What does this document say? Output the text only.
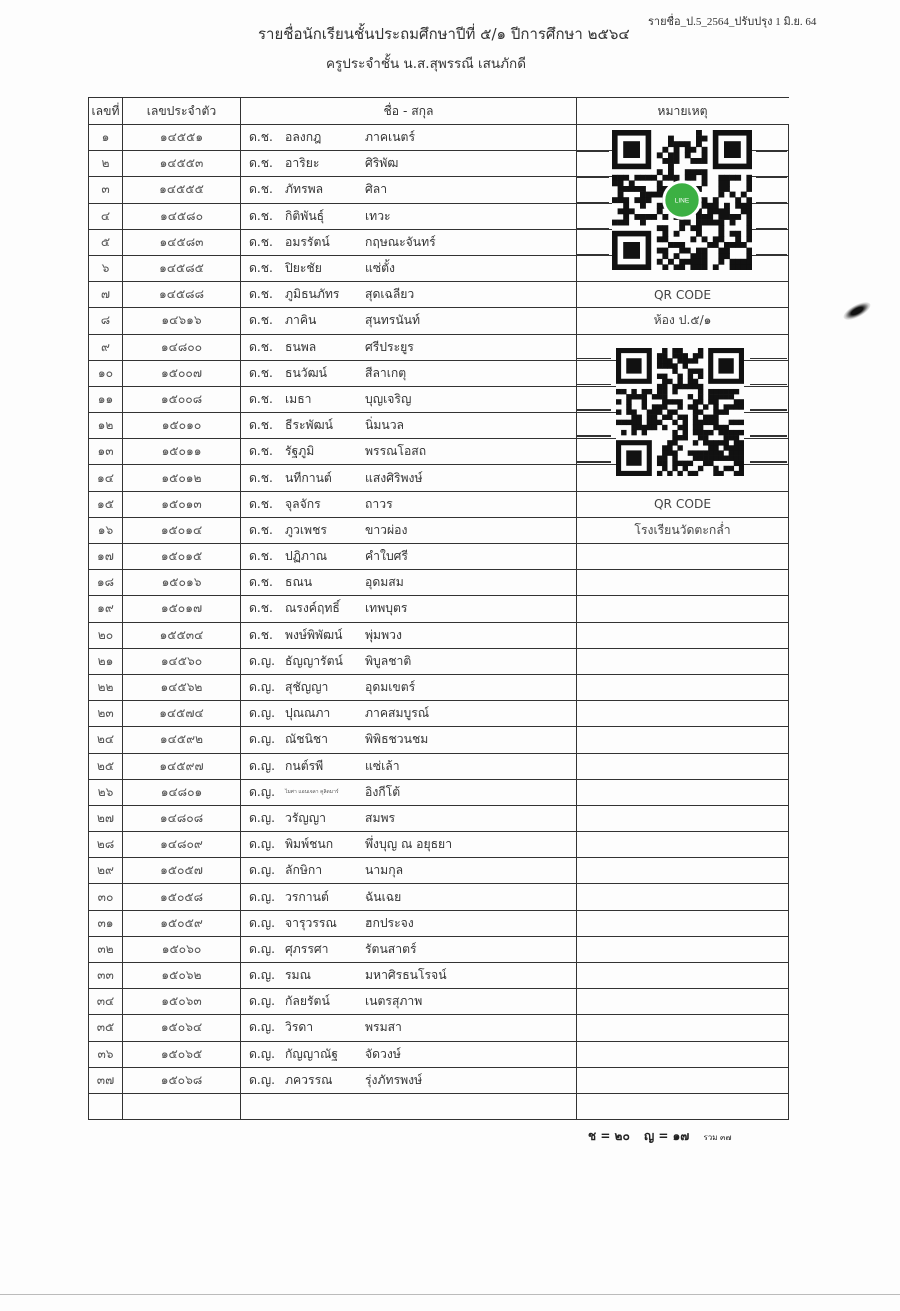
รายชื่อ_ป.5_2564_ปรับปรุง 1 มิ.ย. 64
รายชื่อนักเรียนชั้นประถมศึกษาปีที่ ๕/๑ ปีการศึกษา ๒๕๖๔
ครูประจำชั้น น.ส.สุพรรณี เสนภักดี
เลขที่	เลขประจำตัว	ชื่อ - สกุล	หมายเหตุ
๑	๑๔๕๕๑	ด.ช. อลงกฎ ภาคเนตร์	
๒	๑๔๕๕๓	ด.ช. อาริยะ ศิริพัฒ	
๓	๑๔๕๕๕	ด.ช. ภัทรพล ศิลา	
๔	๑๔๕๘๐	ด.ช. กิติพันธุ์ เทวะ	
๕	๑๔๕๘๓	ด.ช. อมรรัตน์ กฤษณะจันทร์	
๖	๑๔๕๘๕	ด.ช. ปิยะชัย แซ่ตั้ง	
๗	๑๔๕๘๘	ด.ช. ภูมิธนภัทร สุดเฉลียว	QR CODE
๘	๑๔๖๑๖	ด.ช. ภาคิน สุนทรนันท์	ห้อง ป.๕/๑
๙	๑๔๘๐๐	ด.ช. ธนพล ศรีประยูร	
๑๐	๑๕๐๐๗	ด.ช. ธนวัฒน์ สีลาเกตุ	
๑๑	๑๕๐๐๘	ด.ช. เมธา บุญเจริญ	
๑๒	๑๕๐๑๐	ด.ช. ธีระพัฒน์ นิ่มนวล	
๑๓	๑๕๐๑๑	ด.ช. รัฐภูมิ พรรณโอสถ	
๑๔	๑๕๐๑๒	ด.ช. นทีกานต์ แสงศิริพงษ์	
๑๕	๑๕๐๑๓	ด.ช. จุลจักร ถาวร	QR CODE
๑๖	๑๕๐๑๔	ด.ช. ภูวเพชร ขาวผ่อง	โรงเรียนวัดตะกล่ำ
๑๗	๑๕๐๑๕	ด.ช. ปฏิภาณ คำใบศรี	
๑๘	๑๕๐๑๖	ด.ช. ธณน อุดมสม	
๑๙	๑๕๐๑๗	ด.ช. ณรงค์ฤทธิ์ เทพบุตร	
๒๐	๑๕๕๓๔	ด.ช. พงษ์พิพัฒน์ พุ่มพวง	
๒๑	๑๔๕๖๐	ด.ญ. ธัญญารัตน์ พิบูลชาติ	
๒๒	๑๔๕๖๒	ด.ญ. สุชัญญา อุดมเขตร์	
๒๓	๑๔๕๗๔	ด.ญ. ปุณณภา ภาคสมบูรณ์	
๒๔	๑๔๕๙๒	ด.ญ. ณัชนิชา พิพิธชวนชม	
๒๕	๑๔๕๙๗	ด.ญ. กนต์รพี แซ่เล้า	
๒๖	๑๔๘๐๑	ด.ญ. ไมศา แอนเจลา คูลิดมาร์ อิงกีโต้	
๒๗	๑๔๘๐๘	ด.ญ. วรัญญา สมพร	
๒๘	๑๔๘๐๙	ด.ญ. พิมพ์ชนก พึ่งบุญ ณ อยุธยา	
๒๙	๑๕๐๕๗	ด.ญ. ลักษิกา นามกุล	
๓๐	๑๕๐๕๘	ด.ญ. วรกานต์ ฉันเฉย	
๓๑	๑๕๐๕๙	ด.ญ. จารุวรรณ ฮกประจง	
๓๒	๑๕๐๖๐	ด.ญ. ศุภรรศา รัตนสาตร์	
๓๓	๑๕๐๖๒	ด.ญ. รมณ มหาศิรธนโรจน์	
๓๔	๑๕๐๖๓	ด.ญ. กัลยรัตน์ เนตรสุภาพ	
๓๕	๑๕๐๖๔	ด.ญ. วิรดา พรมสา	
๓๖	๑๕๐๖๕	ด.ญ. กัญญาณัฐ จัดวงษ์	
๓๗	๑๕๐๖๘	ด.ญ. ภควรรณ รุ่งภัทรพงษ์	

LINE
ช = ๒๐ ญ = ๑๗ รวม ๓๗
